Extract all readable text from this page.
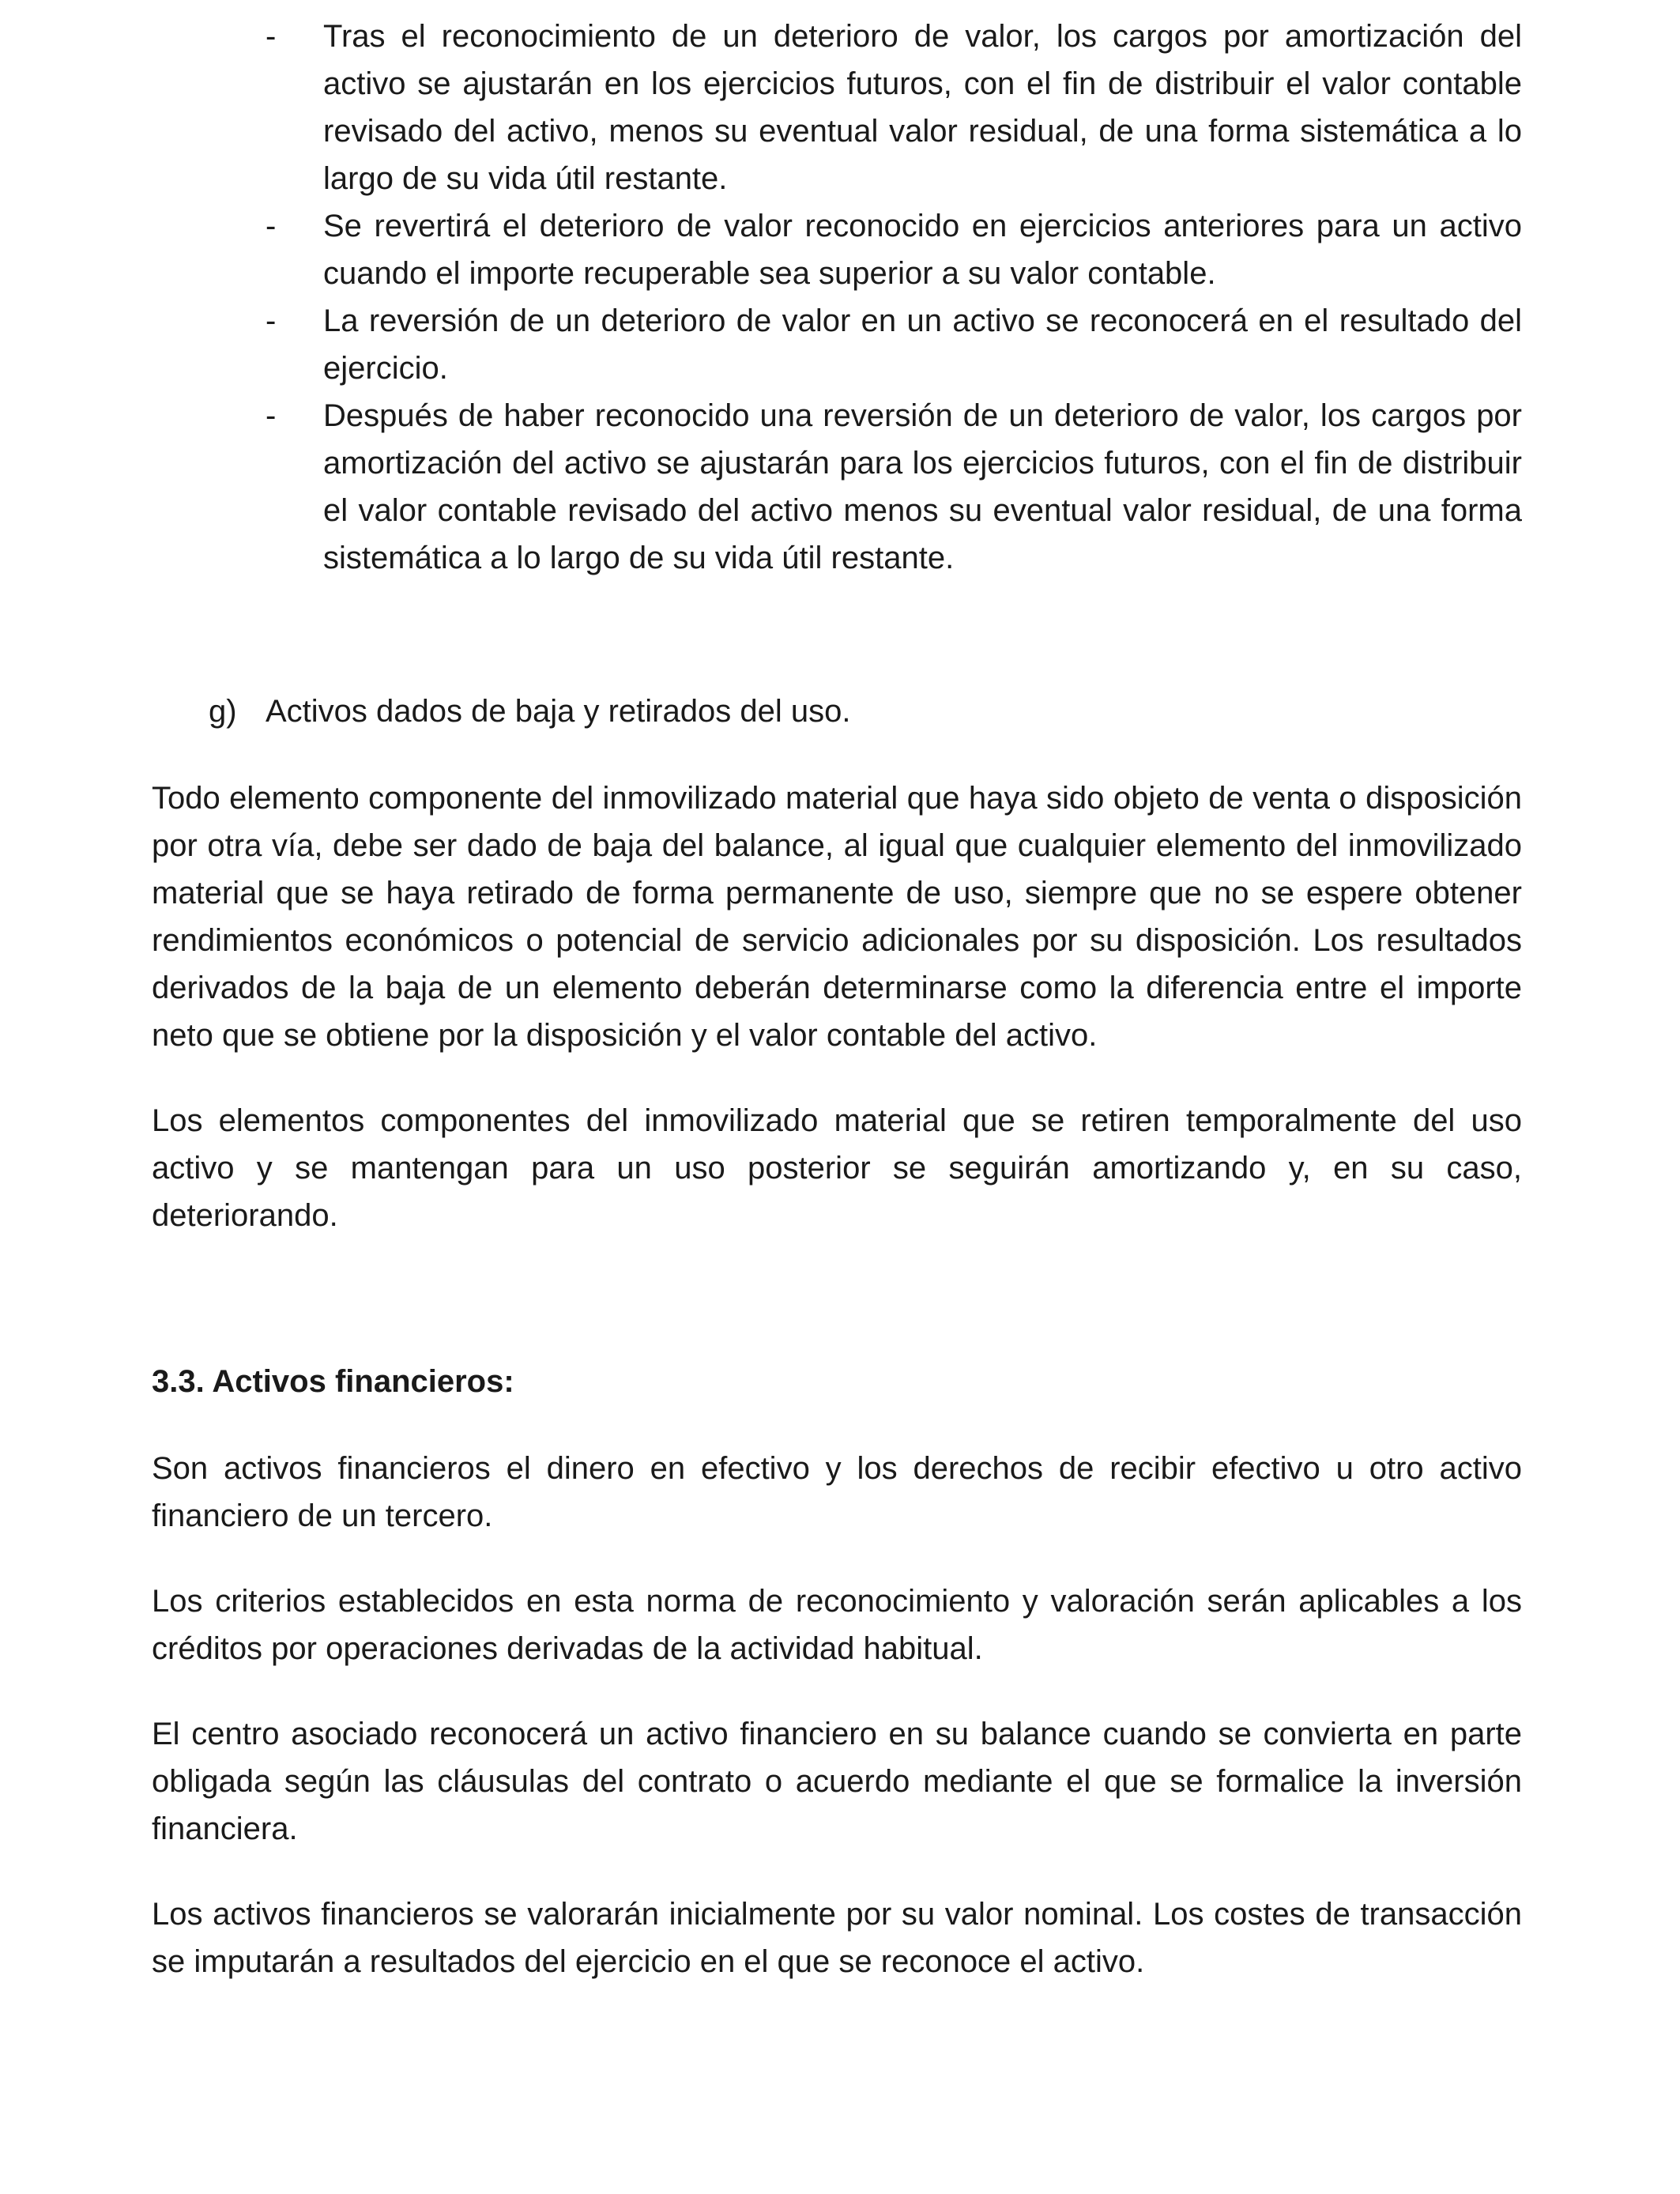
- Tras el reconocimiento de un deterioro de valor, los cargos por amortización del activo se ajustarán en los ejercicios futuros, con el fin de distribuir el valor contable revisado del activo, menos su eventual valor residual, de una forma sistemática a lo largo de su vida útil restante.
- Se revertirá el deterioro de valor reconocido en ejercicios anteriores para un activo cuando el importe recuperable sea superior a su valor contable.
- La reversión de un deterioro de valor en un activo se reconocerá en el resultado del ejercicio.
- Después de haber reconocido una reversión de un deterioro de valor, los cargos por amortización del activo se ajustarán para los ejercicios futuros, con el fin de distribuir el valor contable revisado del activo menos su eventual valor residual, de una forma sistemática a lo largo de su vida útil restante.
g) Activos dados de baja y retirados del uso.

Todo elemento componente del inmovilizado material que haya sido objeto de venta o disposición por otra vía, debe ser dado de baja del balance, al igual que cualquier elemento del inmovilizado material que se haya retirado de forma permanente de uso, siempre que no se espere obtener rendimientos económicos o potencial de servicio adicionales por su disposición. Los resultados derivados de la baja de un elemento deberán determinarse como la diferencia entre el importe neto que se obtiene por la disposición y el valor contable del activo.

Los elementos componentes del inmovilizado material que se retiren temporalmente del uso activo y se mantengan para un uso posterior se seguirán amortizando y, en su caso, deteriorando.

3.3. Activos financieros:

Son activos financieros el dinero en efectivo y los derechos de recibir efectivo u otro activo financiero de un tercero.

Los criterios establecidos en esta norma de reconocimiento y valoración serán aplicables a los créditos por operaciones derivadas de la actividad habitual.

El centro asociado reconocerá un activo financiero en su balance cuando se convierta en parte obligada según las cláusulas del contrato o acuerdo mediante el que se formalice la inversión financiera.

Los activos financieros se valorarán inicialmente por su valor nominal. Los costes de transacción se imputarán a resultados del ejercicio en el que se reconoce el activo.
